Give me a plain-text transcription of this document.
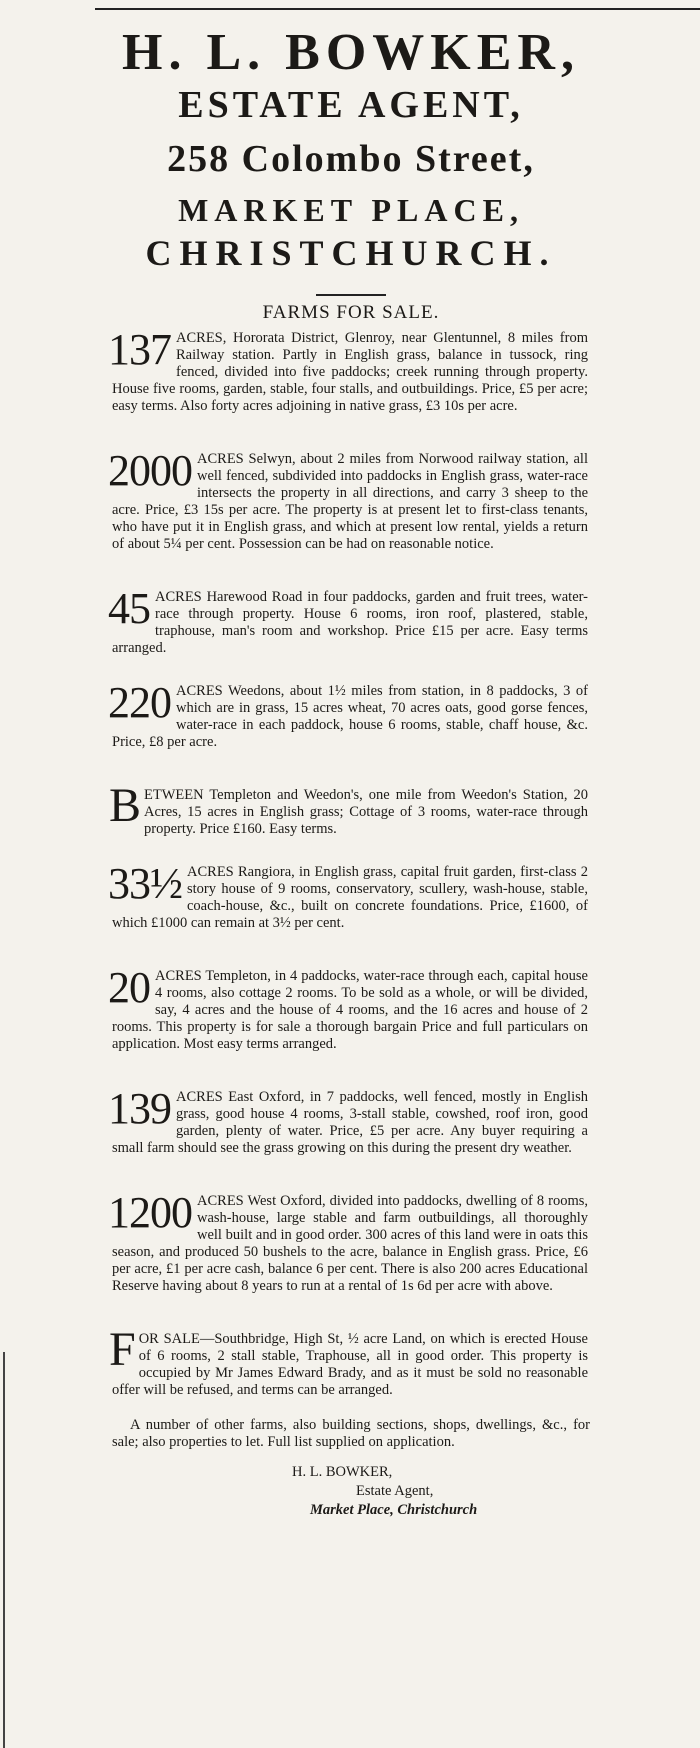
H. L. BOWKER,
ESTATE AGENT,
258 Colombo Street,
MARKET PLACE,
CHRISTCHURCH.
FARMS FOR SALE.

137 ACRES, Hororata District, Glenroy, near Glentunnel, 8 miles from Railway station. Partly in English grass, balance in tussock, ring fenced, divided into five paddocks; creek running through property. House five rooms, garden, stable, four stalls, and outbuildings. Price, £5 per acre; easy terms. Also forty acres adjoining in native grass, £3 10s per acre.

2000 ACRES Selwyn, about 2 miles from Norwood railway station, all well fenced, subdivided into paddocks in English grass, water-race intersects the property in all directions, and carry 3 sheep to the acre. Price, £3 15s per acre. The property is at present let to first-class tenants, who have put it in English grass, and which at present low rental, yields a return of about 5¼ per cent. Possession can be had on reasonable notice.

45 ACRES Harewood Road in four paddocks, garden and fruit trees, water-race through property. House 6 rooms, iron roof, plastered, stable, traphouse, man's room and workshop. Price £15 per acre. Easy terms arranged.

220 ACRES Weedons, about 1½ miles from station, in 8 paddocks, 3 of which are in grass, 15 acres wheat, 70 acres oats, good gorse fences, water-race in each paddock, house 6 rooms, stable, chaff house, &c. Price, £8 per acre.

B ETWEEN Templeton and Weedon's, one mile from Weedon's Station, 20 Acres, 15 acres in English grass; Cottage of 3 rooms, water-race through property. Price £160. Easy terms.

33½ ACRES Rangiora, in English grass, capital fruit garden, first-class 2 story house of 9 rooms, conservatory, scullery, wash-house, stable, coach-house, &c., built on concrete foundations. Price, £1600, of which £1000 can remain at 3½ per cent.

20 ACRES Templeton, in 4 paddocks, water-race through each, capital house 4 rooms, also cottage 2 rooms. To be sold as a whole, or will be divided, say, 4 acres and the house of 4 rooms, and the 16 acres and house of 2 rooms. This property is for sale a thorough bargain Price and full particulars on application. Most easy terms arranged.

139 ACRES East Oxford, in 7 paddocks, well fenced, mostly in English grass, good house 4 rooms, 3-stall stable, cowshed, roof iron, good garden, plenty of water. Price, £5 per acre. Any buyer requiring a small farm should see the grass growing on this during the present dry weather.

1200 ACRES West Oxford, divided into paddocks, dwelling of 8 rooms, wash-house, large stable and farm outbuildings, all thoroughly well built and in good order. 300 acres of this land were in oats this season, and produced 50 bushels to the acre, balance in English grass. Price, £6 per acre, £1 per acre cash, balance 6 per cent. There is also 200 acres Educational Reserve having about 8 years to run at a rental of 1s 6d per acre with above.

F OR SALE—Southbridge, High St, ½ acre Land, on which is erected House of 6 rooms, 2 stall stable, Traphouse, all in good order. This property is occupied by Mr James Edward Brady, and as it must be sold no reasonable offer will be refused, and terms can be arranged.

A number of other farms, also building sections, shops, dwellings, &c., for sale; also properties to let. Full list supplied on application.

H. L. BOWKER,
Estate Agent,
Market Place, Christchurch
